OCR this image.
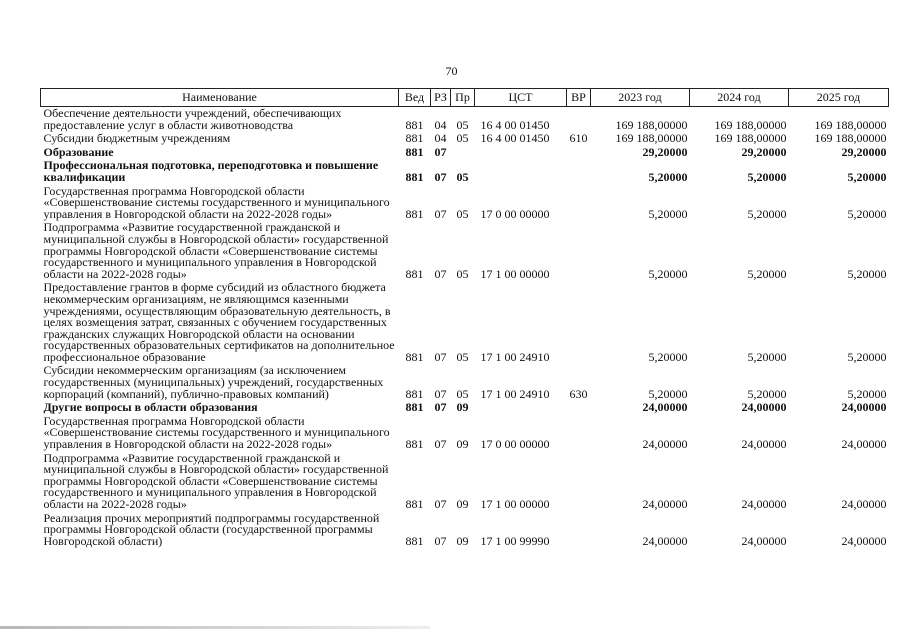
70
Наименование	Вед	РЗ	Пр	ЦСТ	ВР	2023 год	2024 год	2025 год
Обеспечение деятельности учреждений, обеспечивающих предоставление услуг в области животноводства	881	04	05	16 4 00 01450		169 188,00000	169 188,00000	169 188,00000
Субсидии бюджетным учреждениям	881	04	05	16 4 00 01450	610	169 188,00000	169 188,00000	169 188,00000
Образование	881	07				29,20000	29,20000	29,20000
Профессиональная подготовка, переподготовка и повышение квалификации	881	07	05			5,20000	5,20000	5,20000
Государственная программа Новгородской области «Совершенствование системы государственного и муниципального управления в Новгородской области на 2022-2028 годы»	881	07	05	17 0 00 00000		5,20000	5,20000	5,20000
Подпрограмма «Развитие государственной гражданской и муниципальной службы в Новгородской области» государственной программы Новгородской области «Совершенствование системы государственного и муниципального управления в Новгородской области на 2022-2028 годы»	881	07	05	17 1 00 00000		5,20000	5,20000	5,20000
Предоставление грантов в форме субсидий из областного бюджета некоммерческим организациям, не являющимся казенными учреждениями, осуществляющим образовательную деятельность, в целях возмещения затрат, связанных с обучением государственных гражданских служащих Новгородской области на основании государственных образовательных сертификатов на дополнительное профессиональное образование	881	07	05	17 1 00 24910		5,20000	5,20000	5,20000
Субсидии некоммерческим организациям (за исключением государственных (муниципальных) учреждений, государственных корпораций (компаний), публично-правовых компаний)	881	07	05	17 1 00 24910	630	5,20000	5,20000	5,20000
Другие вопросы в области образования	881	07	09			24,00000	24,00000	24,00000
Государственная программа Новгородской области «Совершенствование системы государственного и муниципального управления в Новгородской области на 2022-2028 годы»	881	07	09	17 0 00 00000		24,00000	24,00000	24,00000
Подпрограмма «Развитие государственной гражданской и муниципальной службы в Новгородской области» государственной программы Новгородской области «Совершенствование системы государственного и муниципального управления в Новгородской области на 2022-2028 годы»	881	07	09	17 1 00 00000		24,00000	24,00000	24,00000
Реализация прочих мероприятий подпрограммы государственной программы Новгородской области (государственной программы Новгородской области)	881	07	09	17 1 00 99990		24,00000	24,00000	24,00000
